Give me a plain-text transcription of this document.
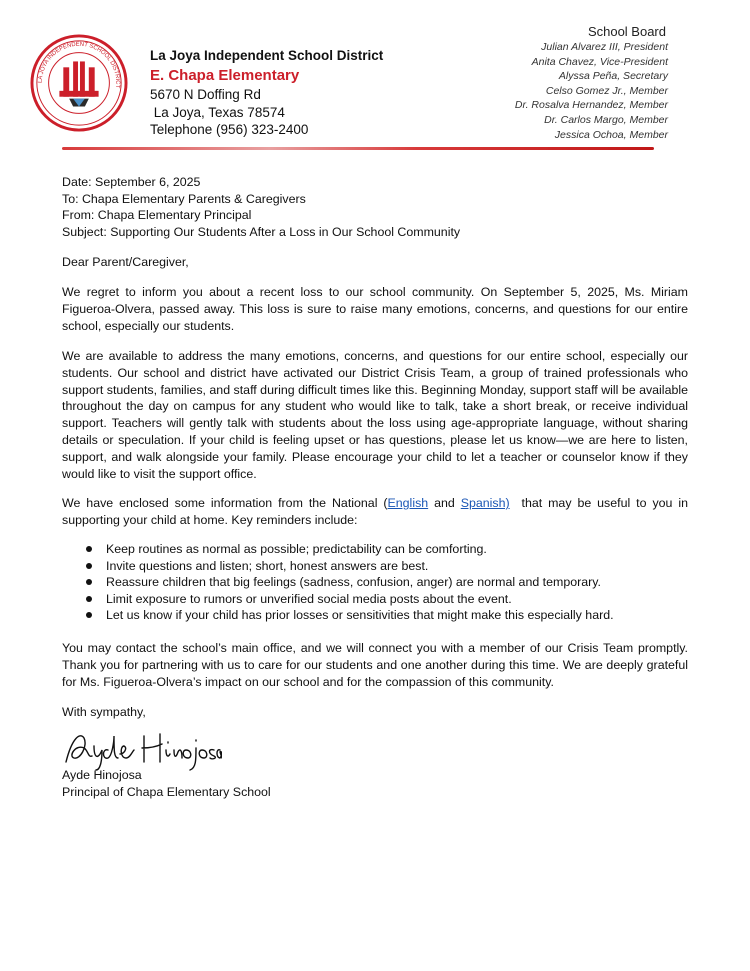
LA JOYA INDEPENDENT SCHOOL DISTRICT
La Joya Independent School District
E. Chapa Elementary
5670 N Doffing Rd
La Joya, Texas 78574
Telephone (956) 323-2400
School Board
Julian Alvarez III, President
Anita Chavez, Vice-President
Alyssa Peña, Secretary
Celso Gomez Jr., Member
Dr. Rosalva Hernandez, Member
Dr. Carlos Margo, Member
Jessica Ochoa, Member
Date: September 6, 2025
To: Chapa Elementary Parents & Caregivers
From: Chapa Elementary Principal
Subject: Supporting Our Students After a Loss in Our School Community
Dear Parent/Caregiver,
We regret to inform you about a recent loss to our school community. On September 5, 2025, Ms. Miriam Figueroa-Olvera, passed away. This loss is sure to raise many emotions, concerns, and questions for our entire school, especially our students.
We are available to address the many emotions, concerns, and questions for our entire school, especially our students. Our school and district have activated our District Crisis Team, a group of trained professionals who support students, families, and staff during difficult times like this. Beginning Monday, support staff will be available throughout the day on campus for any student who would like to talk, take a short break, or receive individual support. Teachers will gently talk with students about the loss using age-appropriate language, without sharing details or speculation. If your child is feeling upset or has questions, please let us know—we are here to listen, support, and walk alongside your family. Please encourage your child to let a teacher or counselor know if they would like to visit the support office.
We have enclosed some information from the National (English and Spanish)  that may be useful to you in supporting your child at home. Key reminders include:
Keep routines as normal as possible; predictability can be comforting.
Invite questions and listen; short, honest answers are best.
Reassure children that big feelings (sadness, confusion, anger) are normal and temporary.
Limit exposure to rumors or unverified social media posts about the event.
Let us know if your child has prior losses or sensitivities that might make this especially hard.
You may contact the school’s main office, and we will connect you with a member of our Crisis Team promptly. Thank you for partnering with us to care for our students and one another during this time. We are deeply grateful for Ms. Figueroa-Olvera’s impact on our school and for the compassion of this community.
With sympathy,
Ayde Hinojosa
Principal of Chapa Elementary School
